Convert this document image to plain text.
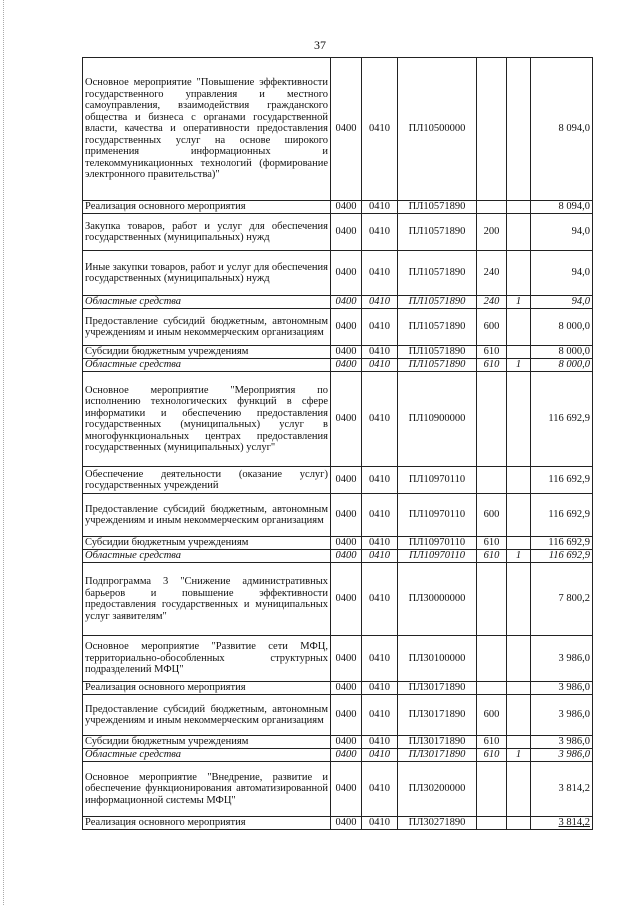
37
Основное мероприятие "Повышение эффективности государственного управления и местного самоуправления, взаимодействия гражданского общества и бизнеса с органами государственной власти, качества и оперативности предоставления государственных услуг на основе широкого применения информационных и телекоммуникационных технологий (формирование электронного правительства)"	0400	0410	ПЛ10500000			8 094,0
Реализация основного мероприятия	0400	0410	ПЛ10571890			8 094,0
Закупка товаров, работ и услуг для обеспечения государственных (муниципальных) нужд	0400	0410	ПЛ10571890	200		94,0
Иные закупки товаров, работ и услуг для обеспечения государственных (муниципальных) нужд	0400	0410	ПЛ10571890	240		94,0
Областные средства	0400	0410	ПЛ10571890	240	1	94,0
Предоставление субсидий бюджетным, автономным учреждениям и иным некоммерческим организациям	0400	0410	ПЛ10571890	600		8 000,0
Субсидии бюджетным учреждениям	0400	0410	ПЛ10571890	610		8 000,0
Областные средства	0400	0410	ПЛ10571890	610	1	8 000,0
Основное мероприятие "Мероприятия по исполнению технологических функций в сфере информатики и обеспечению предоставления государственных (муниципальных) услуг в многофункциональных центрах предоставления государственных (муниципальных) услуг"	0400	0410	ПЛ10900000			116 692,9
Обеспечение деятельности (оказание услуг) государственных учреждений	0400	0410	ПЛ10970110			116 692,9
Предоставление субсидий бюджетным, автономным учреждениям и иным некоммерческим организациям	0400	0410	ПЛ10970110	600		116 692,9
Субсидии бюджетным учреждениям	0400	0410	ПЛ10970110	610		116 692,9
Областные средства	0400	0410	ПЛ10970110	610	1	116 692,9
Подпрограмма 3 "Снижение административных барьеров и повышение эффективности предоставления государственных и муниципальных услуг заявителям"	0400	0410	ПЛ30000000			7 800,2
Основное мероприятие "Развитие сети МФЦ, территориально-обособленных структурных подразделений МФЦ"	0400	0410	ПЛ30100000			3 986,0
Реализация основного мероприятия	0400	0410	ПЛ30171890			3 986,0
Предоставление субсидий бюджетным, автономным учреждениям и иным некоммерческим организациям	0400	0410	ПЛ30171890	600		3 986,0
Субсидии бюджетным учреждениям	0400	0410	ПЛ30171890	610		3 986,0
Областные средства	0400	0410	ПЛ30171890	610	1	3 986,0
Основное мероприятие "Внедрение, развитие и обеспечение функционирования автоматизированной информационной системы МФЦ"	0400	0410	ПЛ30200000			3 814,2
Реализация основного мероприятия	0400	0410	ПЛ30271890			3 814,2
